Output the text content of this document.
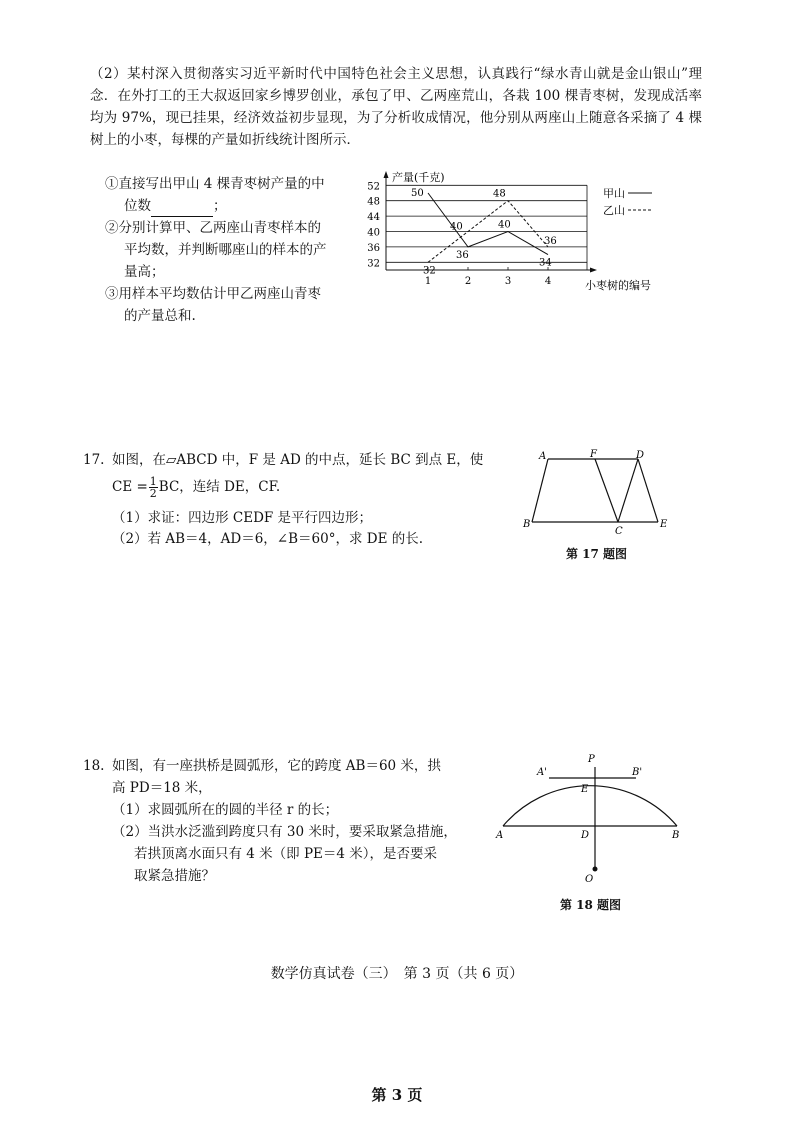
（2）某村深入贯彻落实习近平新时代中国特色社会主义思想，认真践行“绿水青山就是金山银山”理念．在外打工的王大叔返回家乡博罗创业，承包了甲、乙两座荒山，各栽 100 棵青枣树，发现成活率均为 97%，现已挂果，经济效益初步显现，为了分析收成情况，他分别从两座山上随意各采摘了 4 棵树上的小枣，每棵的产量如折线统计图所示．
①直接写出甲山 4 棵青枣树产量的中
位数	；
②分别计算甲、乙两座山青枣样本的
平均数，并判断哪座山的样本的产
量高；
③用样本平均数估计甲乙两座山青枣
的产量总和.
产量(千克)
小枣树的编号
32
36
40
44
48
52
1	2	3	4
50
36
40
34
32
40
48
36
甲山
乙山
17. 如图，在▱ABCD 中，F 是 AD 的中点，延长 BC 到点 E，使
CE = $\frac{1}{2}$ BC，连结 DE，CF.
（1）求证：四边形 CEDF 是平行四边形；
（2）若 AB＝4，AD＝6，∠B＝60°，求 DE 的长.
A	F	D
B
C
E
第 17 题图
18. 如图，有一座拱桥是圆弧形，它的跨度 AB＝60 米，拱
高 PD＝18 米，
（1）求圆弧所在的圆的半径 r 的长；
（2）当洪水泛滥到跨度只有 30 米时，要采取紧急措施，
若拱顶离水面只有 4 米（即 PE＝4 米），是否要采
取紧急措施？
P
A'	B'
E
A	D	B
O
第 18 题图
数学仿真试卷（三）　第 3 页（共 6 页）
第 3 页
